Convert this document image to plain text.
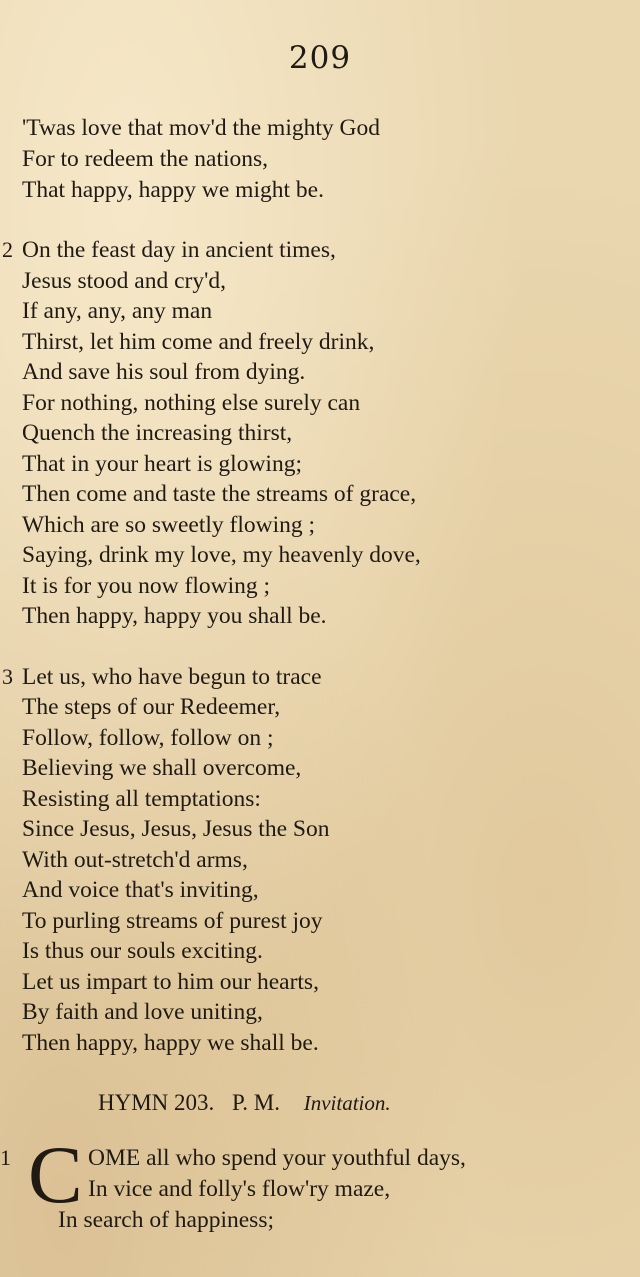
209
'Twas love that mov'd the mighty God
For to redeem the nations,
That happy, happy we might be.
2 On the feast day in ancient times,
Jesus stood and cry'd,
If any, any, any man
Thirst, let him come and freely drink,
And save his soul from dying.
For nothing, nothing else surely can
Quench the increasing thirst,
That in your heart is glowing;
Then come and taste the streams of grace,
Which are so sweetly flowing ;
Saying, drink my love, my heavenly dove,
It is for you now flowing ;
Then happy, happy you shall be.
3 Let us, who have begun to trace
The steps of our Redeemer,
Follow, follow, follow on ;
Believing we shall overcome,
Resisting all temptations:
Since Jesus, Jesus, Jesus the Son
With out-stretch'd arms,
And voice that's inviting,
To purling streams of purest joy
Is thus our souls exciting.
Let us impart to him our hearts,
By faith and love uniting,
Then happy, happy we shall be.
HYMN 203. P. M. Invitation.
1 C OME all who spend your youthful days,
In vice and folly's flow'ry maze,
In search of happiness;
